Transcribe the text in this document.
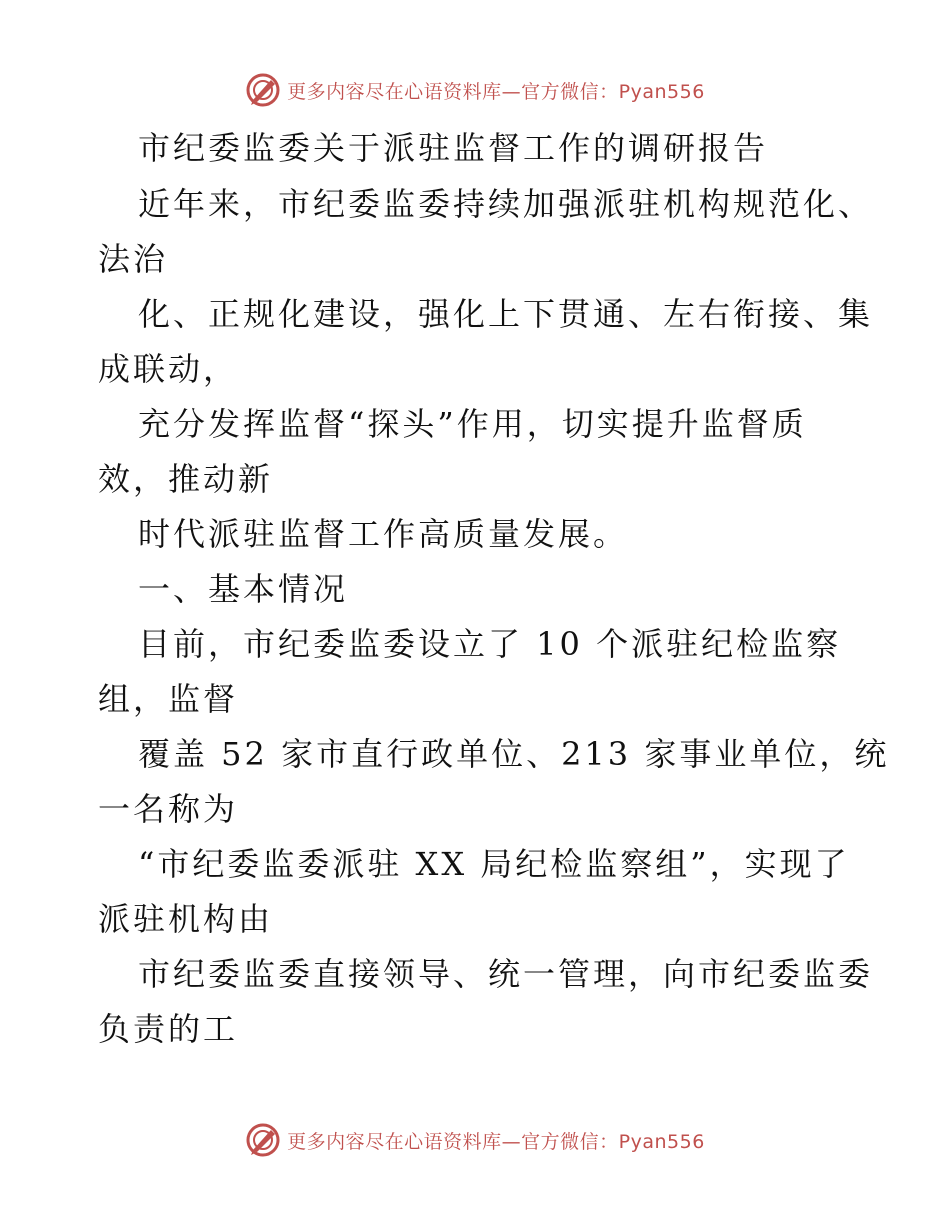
更多内容尽在心语资料库—官方微信：Pyan556
市纪委监委关于派驻监督工作的调研报告
近年来，市纪委监委持续加强派驻机构规范化、
法治
化、正规化建设，强化上下贯通、左右衔接、集
成联动，
充分发挥监督“探头”作用，切实提升监督质
效，推动新
时代派驻监督工作高质量发展。
一、基本情况
目前，市纪委监委设立了 10 个派驻纪检监察
组，监督
覆盖 52 家市直行政单位、213 家事业单位，统
一名称为
“市纪委监委派驻 XX 局纪检监察组”，实现了
派驻机构由
市纪委监委直接领导、统一管理，向市纪委监委
负责的工
更多内容尽在心语资料库—官方微信：Pyan556
